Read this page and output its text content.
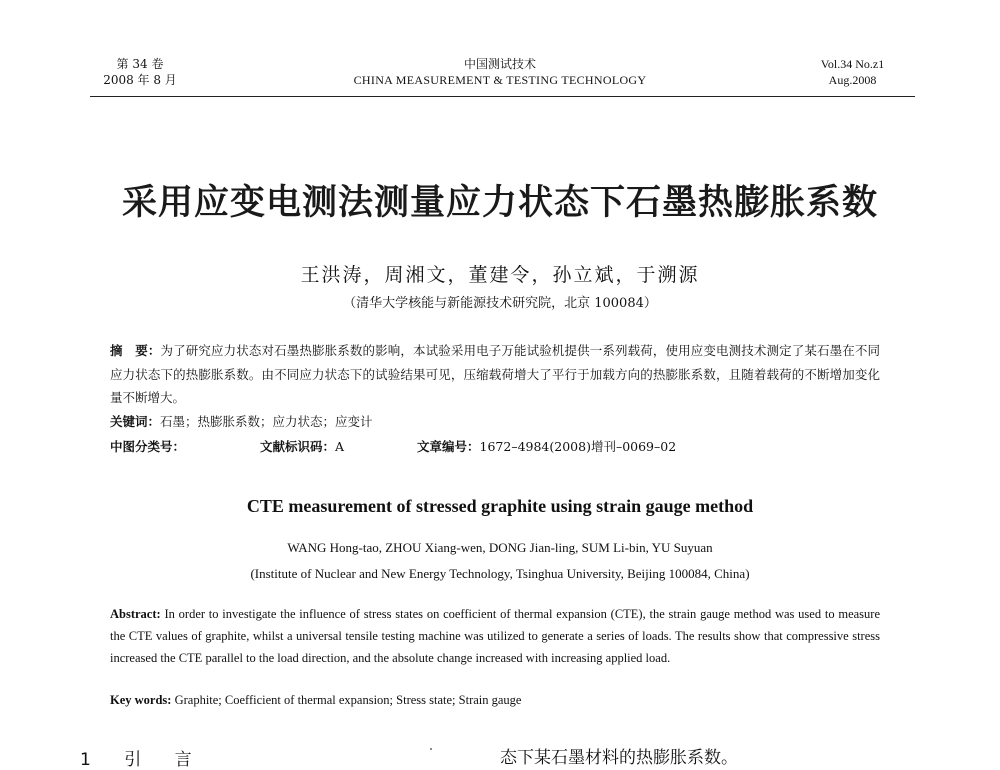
第 34 卷
2008 年 8 月
中国测试技术
CHINA MEASUREMENT & TESTING TECHNOLOGY
Vol.34 No.z1
Aug.2008
采用应变电测法测量应力状态下石墨热膨胀系数
王洪涛，周湘文，董建令，孙立斌，于溯源
（清华大学核能与新能源技术研究院，北京 100084）
摘　要：为了研究应力状态对石墨热膨胀系数的影响，本试验采用电子万能试验机提供一系列载荷，使用应变电测技术测定了某石墨在不同应力状态下的热膨胀系数。由不同应力状态下的试验结果可见，压缩载荷增大了平行于加载方向的热膨胀系数，且随着载荷的不断增加变化量不断增大。
关键词：石墨；热膨胀系数；应力状态；应变计
中图分类号：	文献标识码：A	文章编号：1672–4984(2008)增刊–0069–02
CTE measurement of stressed graphite using strain gauge method
WANG Hong-tao, ZHOU Xiang-wen, DONG Jian-ling, SUM Li-bin, YU Suyuan
(Institute of Nuclear and New Energy Technology, Tsinghua University, Beijing 100084, China)
Abstract: In order to investigate the influence of stress states on coefficient of thermal expansion (CTE), the strain gauge method was used to measure the CTE values of graphite, whilst a universal tensile testing machine was utilized to generate a series of loads. The results show that compressive stress increased the CTE parallel to the load direction, and the absolute change increased with increasing applied load.
Key words: Graphite; Coefficient of thermal expansion; Stress state; Strain gauge
1 引 言	态下某石墨材料的热膨胀系数。
